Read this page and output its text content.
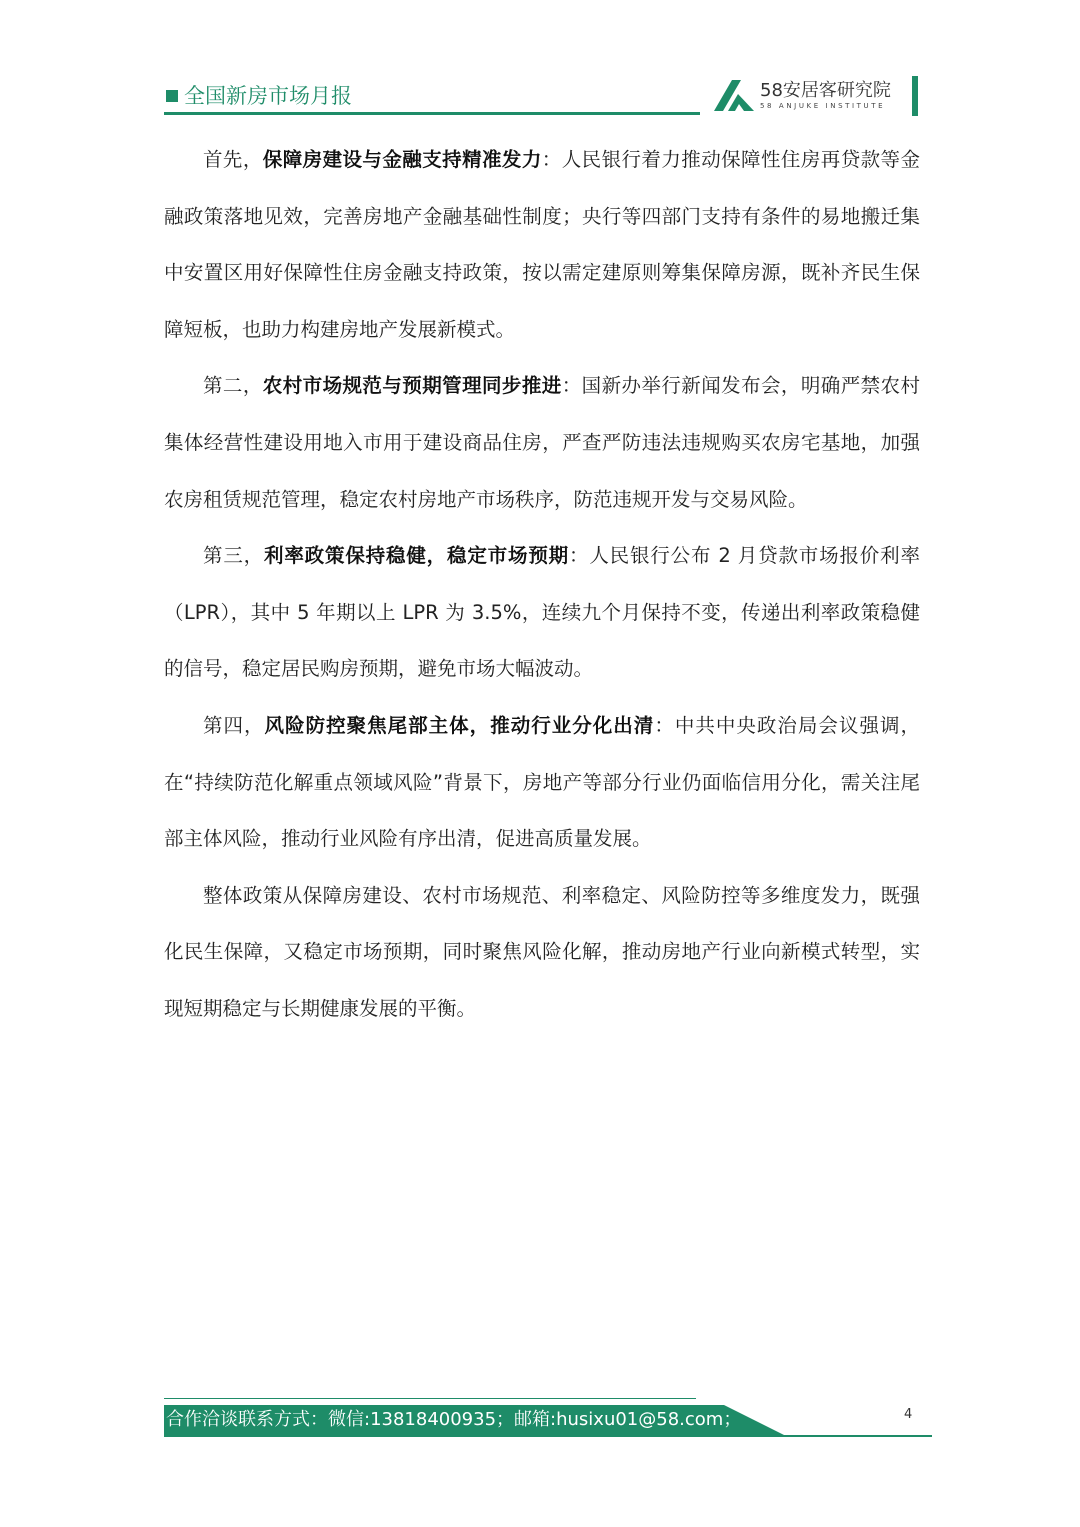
全国新房市场月报	58安居客研究院
58 ANJUKE INSTITUTE

首先，保障房建设与金融支持精准发力：人民银行着力推动保障性住房再贷款等金融政策落地见效，完善房地产金融基础性制度；央行等四部门支持有条件的易地搬迁集中安置区用好保障性住房金融支持政策，按以需定建原则筹集保障房源，既补齐民生保障短板，也助力构建房地产发展新模式。

第二，农村市场规范与预期管理同步推进：国新办举行新闻发布会，明确严禁农村集体经营性建设用地入市用于建设商品住房，严查严防违法违规购买农房宅基地，加强农房租赁规范管理，稳定农村房地产市场秩序，防范违规开发与交易风险。

第三，利率政策保持稳健，稳定市场预期：人民银行公布 2 月贷款市场报价利率（LPR），其中 5 年期以上 LPR 为 3.5%，连续九个月保持不变，传递出利率政策稳健的信号，稳定居民购房预期，避免市场大幅波动。

第四，风险防控聚焦尾部主体，推动行业分化出清：中共中央政治局会议强调，在“持续防范化解重点领域风险”背景下，房地产等部分行业仍面临信用分化，需关注尾部主体风险，推动行业风险有序出清，促进高质量发展。

整体政策从保障房建设、农村市场规范、利率稳定、风险防控等多维度发力，既强化民生保障，又稳定市场预期，同时聚焦风险化解，推动房地产行业向新模式转型，实现短期稳定与长期健康发展的平衡。

合作洽谈联系方式：微信:13818400935；邮箱:husixu01@58.com；	4
